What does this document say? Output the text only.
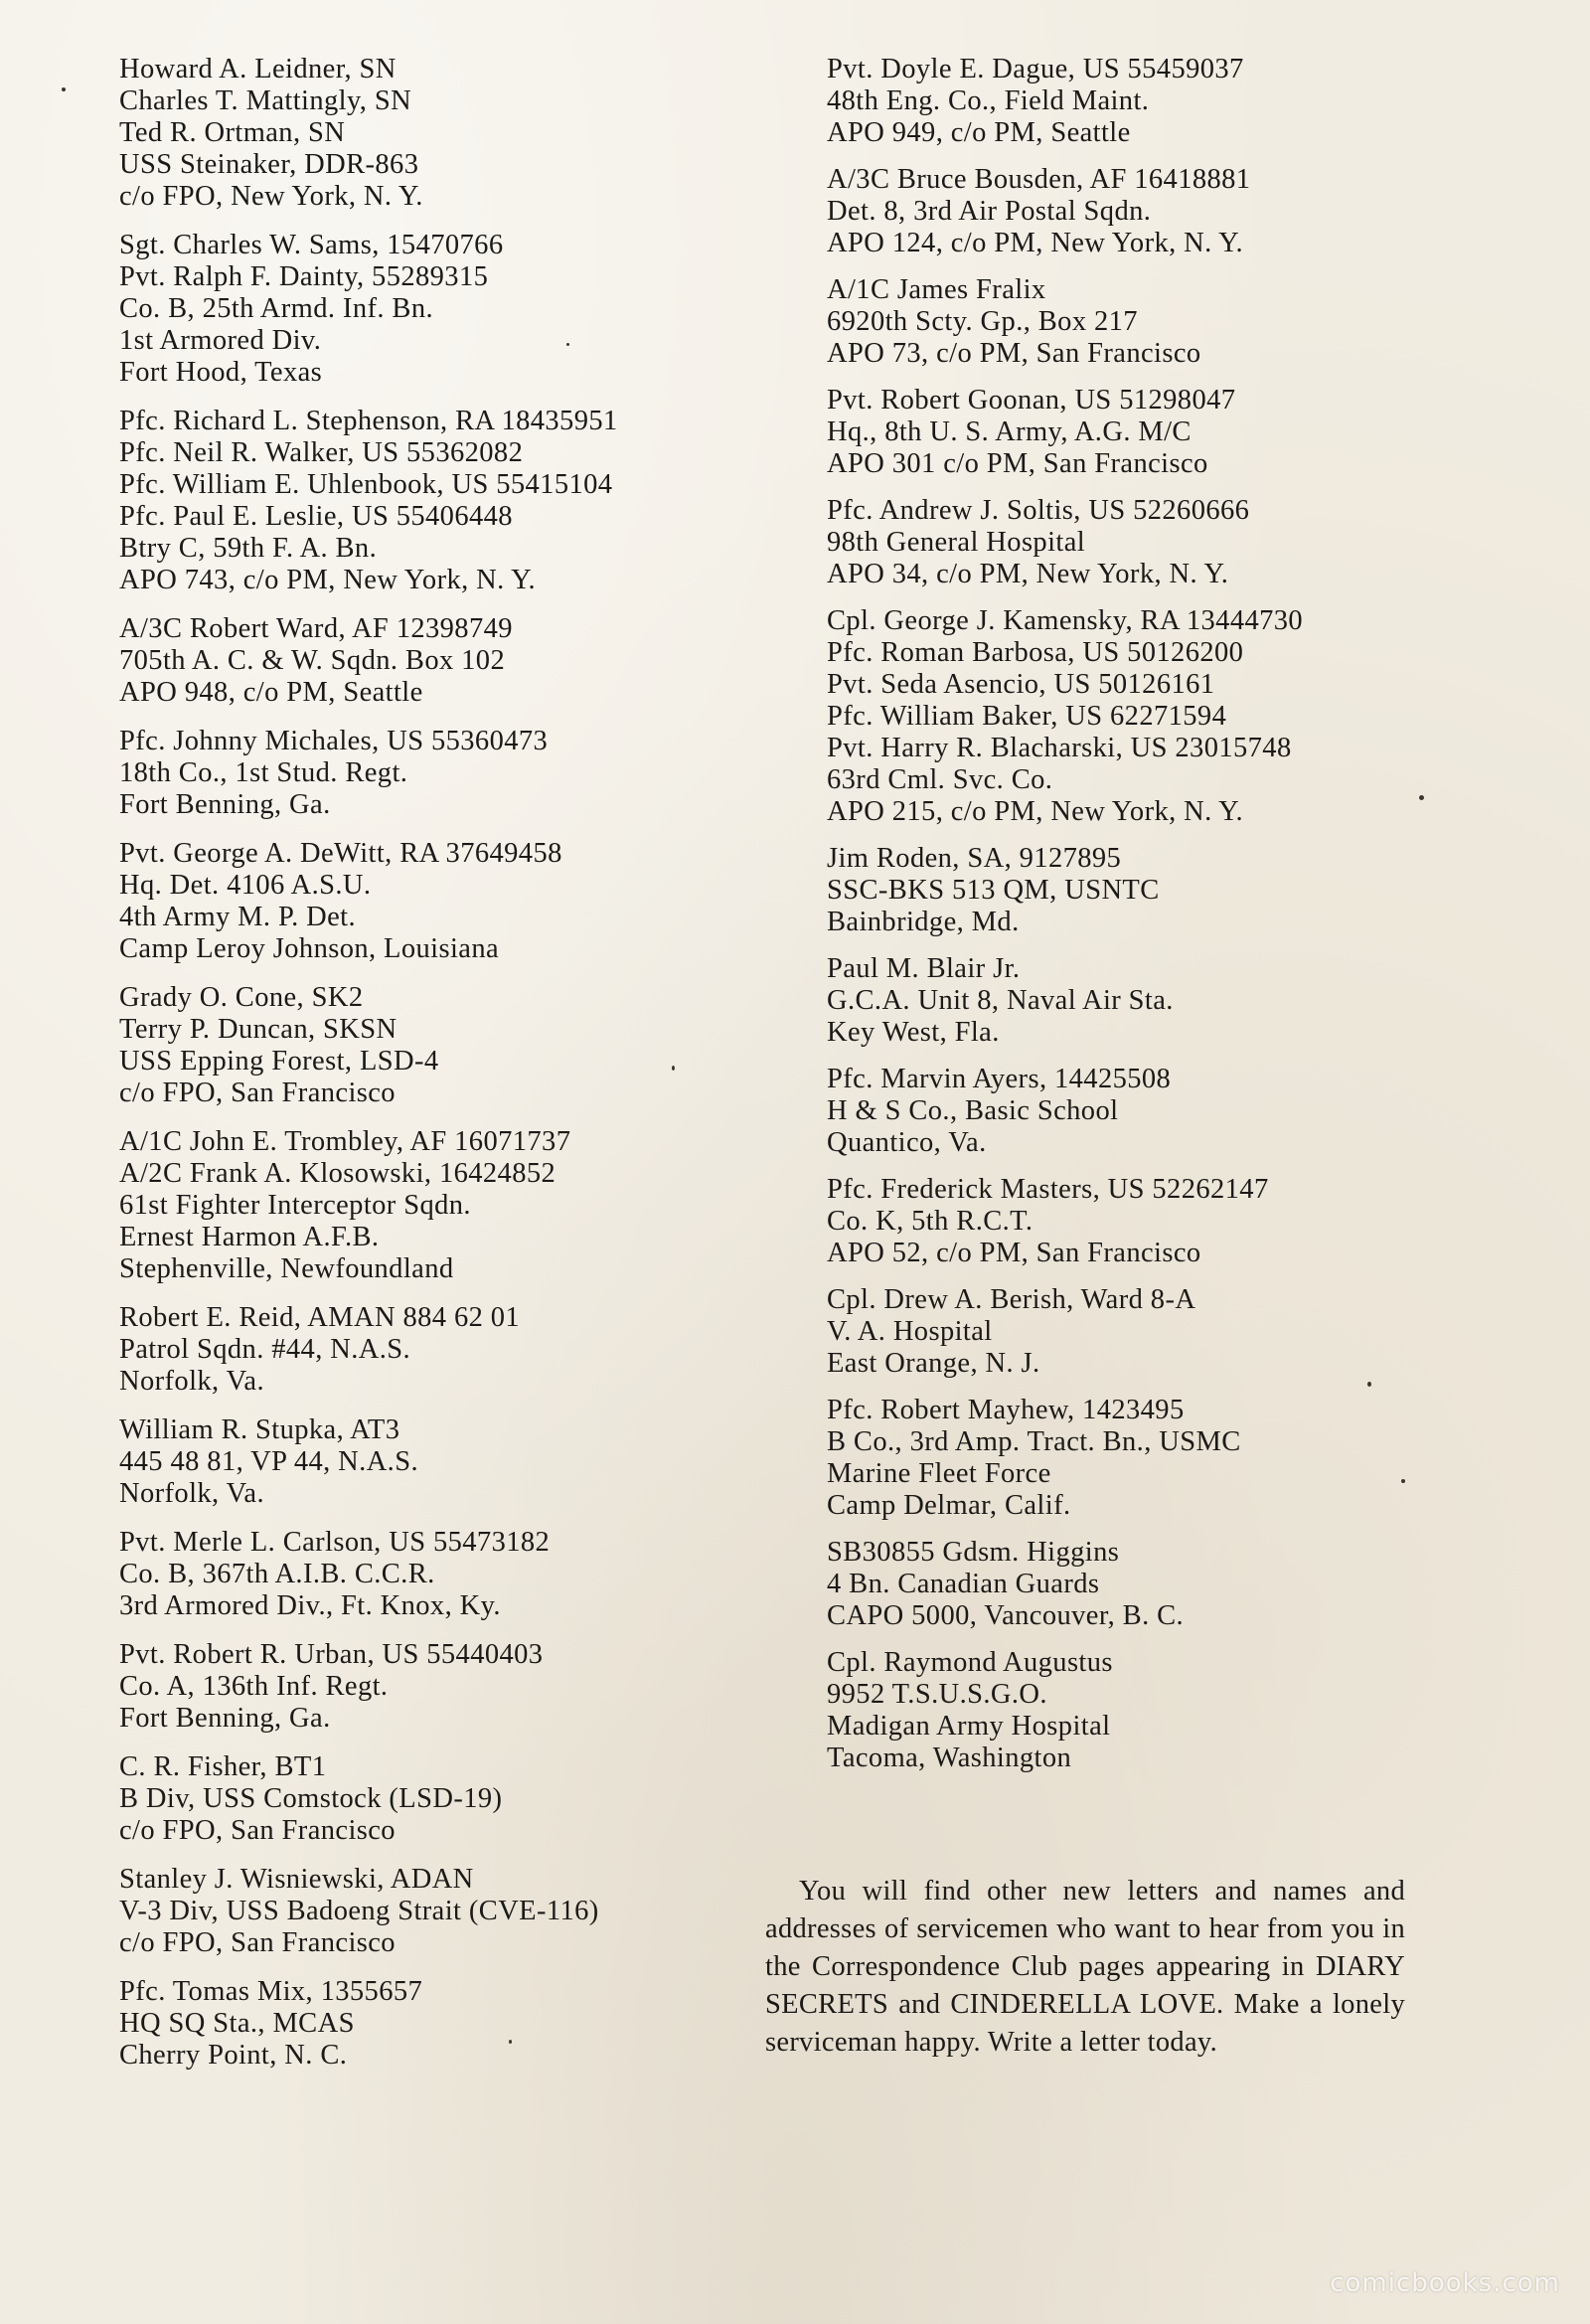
Howard A. Leidner, SN
Charles T. Mattingly, SN
Ted R. Ortman, SN
USS Steinaker, DDR-863
c/o FPO, New York, N. Y.
Sgt. Charles W. Sams, 15470766
Pvt. Ralph F. Dainty, 55289315
Co. B, 25th Armd. Inf. Bn.
1st Armored Div.
Fort Hood, Texas
Pfc. Richard L. Stephenson, RA 18435951
Pfc. Neil R. Walker, US 55362082
Pfc. William E. Uhlenbook, US 55415104
Pfc. Paul E. Leslie, US 55406448
Btry C, 59th F. A. Bn.
APO 743, c/o PM, New York, N. Y.
A/3C Robert Ward, AF 12398749
705th A. C. & W. Sqdn. Box 102
APO 948, c/o PM, Seattle
Pfc. Johnny Michales, US 55360473
18th Co., 1st Stud. Regt.
Fort Benning, Ga.
Pvt. George A. DeWitt, RA 37649458
Hq. Det. 4106 A.S.U.
4th Army M. P. Det.
Camp Leroy Johnson, Louisiana
Grady O. Cone, SK2
Terry P. Duncan, SKSN
USS Epping Forest, LSD-4
c/o FPO, San Francisco
A/1C John E. Trombley, AF 16071737
A/2C Frank A. Klosowski, 16424852
61st Fighter Interceptor Sqdn.
Ernest Harmon A.F.B.
Stephenville, Newfoundland
Robert E. Reid, AMAN 884 62 01
Patrol Sqdn. #44, N.A.S.
Norfolk, Va.
William R. Stupka, AT3
445 48 81, VP 44, N.A.S.
Norfolk, Va.
Pvt. Merle L. Carlson, US 55473182
Co. B, 367th A.I.B. C.C.R.
3rd Armored Div., Ft. Knox, Ky.
Pvt. Robert R. Urban, US 55440403
Co. A, 136th Inf. Regt.
Fort Benning, Ga.
C. R. Fisher, BT1
B Div, USS Comstock (LSD-19)
c/o FPO, San Francisco
Stanley J. Wisniewski, ADAN
V-3 Div, USS Badoeng Strait (CVE-116)
c/o FPO, San Francisco
Pfc. Tomas Mix, 1355657
HQ SQ Sta., MCAS
Cherry Point, N. C.
Pvt. Doyle E. Dague, US 55459037
48th Eng. Co., Field Maint.
APO 949, c/o PM, Seattle
A/3C Bruce Bousden, AF 16418881
Det. 8, 3rd Air Postal Sqdn.
APO 124, c/o PM, New York, N. Y.
A/1C James Fralix
6920th Scty. Gp., Box 217
APO 73, c/o PM, San Francisco
Pvt. Robert Goonan, US 51298047
Hq., 8th U. S. Army, A.G. M/C
APO 301 c/o PM, San Francisco
Pfc. Andrew J. Soltis, US 52260666
98th General Hospital
APO 34, c/o PM, New York, N. Y.
Cpl. George J. Kamensky, RA 13444730
Pfc. Roman Barbosa, US 50126200
Pvt. Seda Asencio, US 50126161
Pfc. William Baker, US 62271594
Pvt. Harry R. Blacharski, US 23015748
63rd Cml. Svc. Co.
APO 215, c/o PM, New York, N. Y.
Jim Roden, SA, 9127895
SSC-BKS 513 QM, USNTC
Bainbridge, Md.
Paul M. Blair Jr.
G.C.A. Unit 8, Naval Air Sta.
Key West, Fla.
Pfc. Marvin Ayers, 14425508
H & S Co., Basic School
Quantico, Va.
Pfc. Frederick Masters, US 52262147
Co. K, 5th R.C.T.
APO 52, c/o PM, San Francisco
Cpl. Drew A. Berish, Ward 8-A
V. A. Hospital
East Orange, N. J.
Pfc. Robert Mayhew, 1423495
B Co., 3rd Amp. Tract. Bn., USMC
Marine Fleet Force
Camp Delmar, Calif.
SB30855 Gdsm. Higgins
4 Bn. Canadian Guards
CAPO 5000, Vancouver, B. C.
Cpl. Raymond Augustus
9952 T.S.U.S.G.O.
Madigan Army Hospital
Tacoma, Washington

You will find other new letters and names and addresses of servicemen who want to hear from you in the Correspondence Club pages appearing in DIARY SECRETS and CINDERELLA LOVE. Make a lonely serviceman happy. Write a letter today.

comicbooks.com
